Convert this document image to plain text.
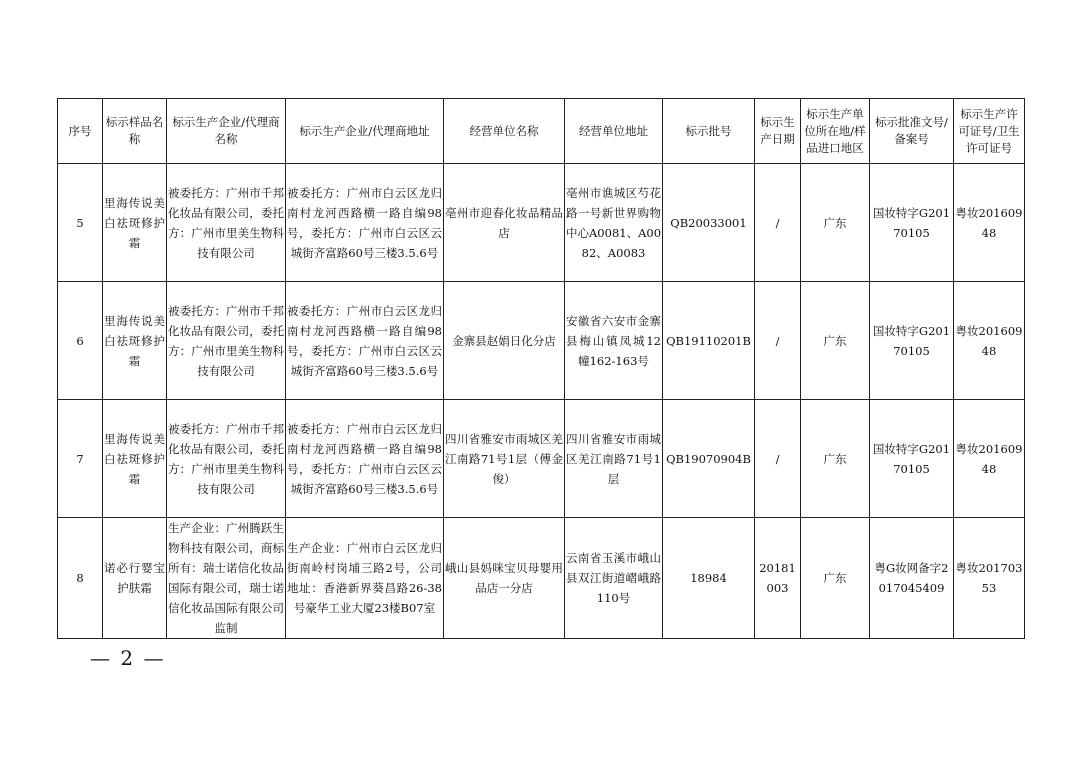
序号	标示样品名称	标示生产企业/代理商名称	标示生产企业/代理商地址	经营单位名称	经营单位地址	标示批号	标示生产日期	标示生产单位所在地/样品进口地区	标示批准文号/备案号	标示生产许可证号/卫生许可证号
5	里海传说美白祛斑修护霜	被委托方：广州市千邦化妆品有限公司，委托方：广州市里美生物科技有限公司	被委托方：广州市白云区龙归南村龙河西路横一路自编98号，委托方：广州市白云区云城街齐富路60号三楼3.5.6号	亳州市迎春化妆品精品店	亳州市谯城区芍花路一号新世界购物中心A0081、A0082、A0083	QB20033001	/	广东	国妆特字G20170105	粤妆20160948
6	里海传说美白祛斑修护霜	被委托方：广州市千邦化妆品有限公司，委托方：广州市里美生物科技有限公司	被委托方：广州市白云区龙归南村龙河西路横一路自编98号，委托方：广州市白云区云城街齐富路60号三楼3.5.6号	金寨县赵娟日化分店	安徽省六安市金寨县梅山镇凤城12幢162-163号	QB19110201B	/	广东	国妆特字G20170105	粤妆20160948
7	里海传说美白祛斑修护霜	被委托方：广州市千邦化妆品有限公司，委托方：广州市里美生物科技有限公司	被委托方：广州市白云区龙归南村龙河西路横一路自编98号，委托方：广州市白云区云城街齐富路60号三楼3.5.6号	四川省雅安市雨城区羌江南路71号1层（傅金俊）	四川省雅安市雨城区羌江南路71号1层	QB19070904B	/	广东	国妆特字G20170105	粤妆20160948
8	诺必行婴宝护肤霜	生产企业：广州腾跃生物科技有限公司，商标所有：瑞士诺信化妆品国际有限公司，瑞士诺信化妆品国际有限公司监制	生产企业：广州市白云区龙归街南岭村岗埔三路2号，公司地址：香港新界葵昌路26-38号豪华工业大厦23楼B07室	峨山县妈咪宝贝母婴用品店一分店	云南省玉溪市峨山县双江街道嶍峨路110号	18984	20181003	广东	粤G妆网备字2017045409	粤妆20170353
— 2 —
